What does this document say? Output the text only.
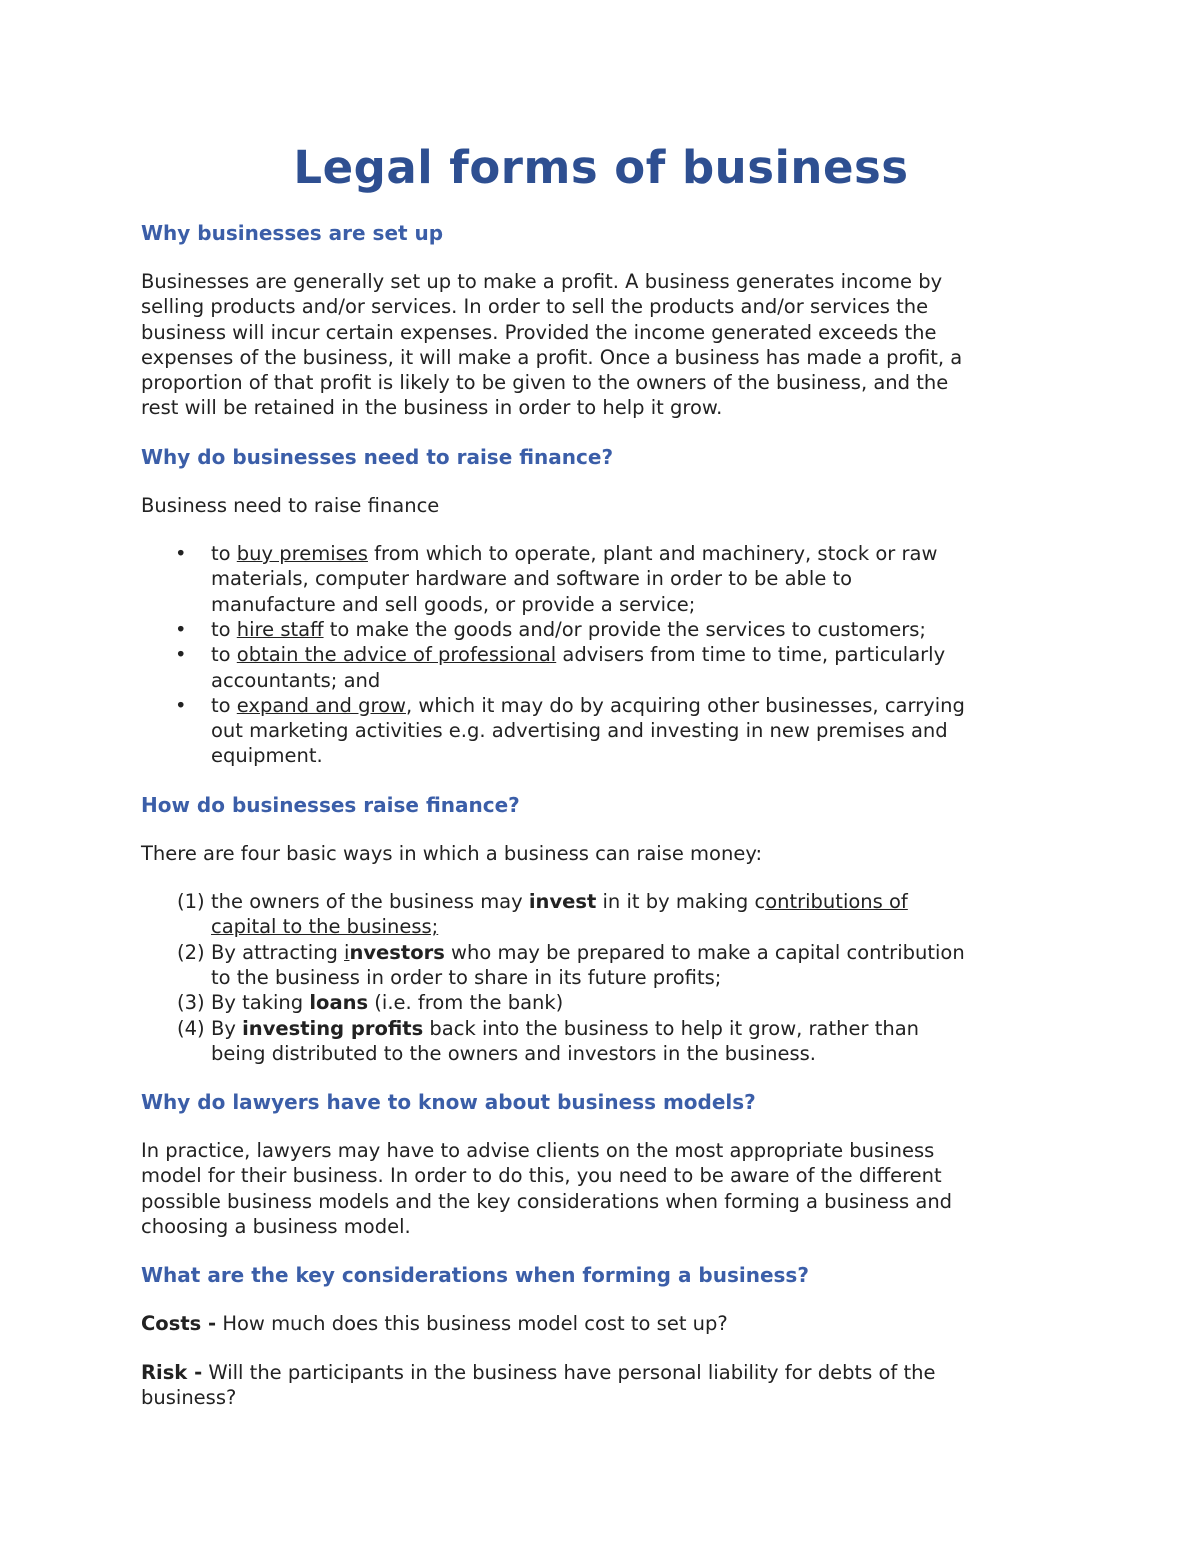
Legal forms of business
Why businesses are set up
Businesses are generally set up to make a profit. A business generates income by
selling products and/or services. In order to sell the products and/or services the
business will incur certain expenses. Provided the income generated exceeds the
expenses of the business, it will make a profit. Once a business has made a profit, a
proportion of that profit is likely to be given to the owners of the business, and the
rest will be retained in the business in order to help it grow.
Why do businesses need to raise finance?
Business need to raise finance
• to buy premises from which to operate, plant and machinery, stock or raw
materials, computer hardware and software in order to be able to
manufacture and sell goods, or provide a service;
• to hire staff to make the goods and/or provide the services to customers;
• to obtain the advice of professional advisers from time to time, particularly
accountants; and
• to expand and grow, which it may do by acquiring other businesses, carrying
out marketing activities e.g. advertising and investing in new premises and
equipment.
How do businesses raise finance?
There are four basic ways in which a business can raise money:
(1) the owners of the business may invest in it by making contributions of
capital to the business;
(2) By attracting investors who may be prepared to make a capital contribution
to the business in order to share in its future profits;
(3) By taking loans (i.e. from the bank)
(4) By investing profits back into the business to help it grow, rather than
being distributed to the owners and investors in the business.
Why do lawyers have to know about business models?
In practice, lawyers may have to advise clients on the most appropriate business
model for their business. In order to do this, you need to be aware of the different
possible business models and the key considerations when forming a business and
choosing a business model.
What are the key considerations when forming a business?
Costs - How much does this business model cost to set up?
Risk - Will the participants in the business have personal liability for debts of the
business?
